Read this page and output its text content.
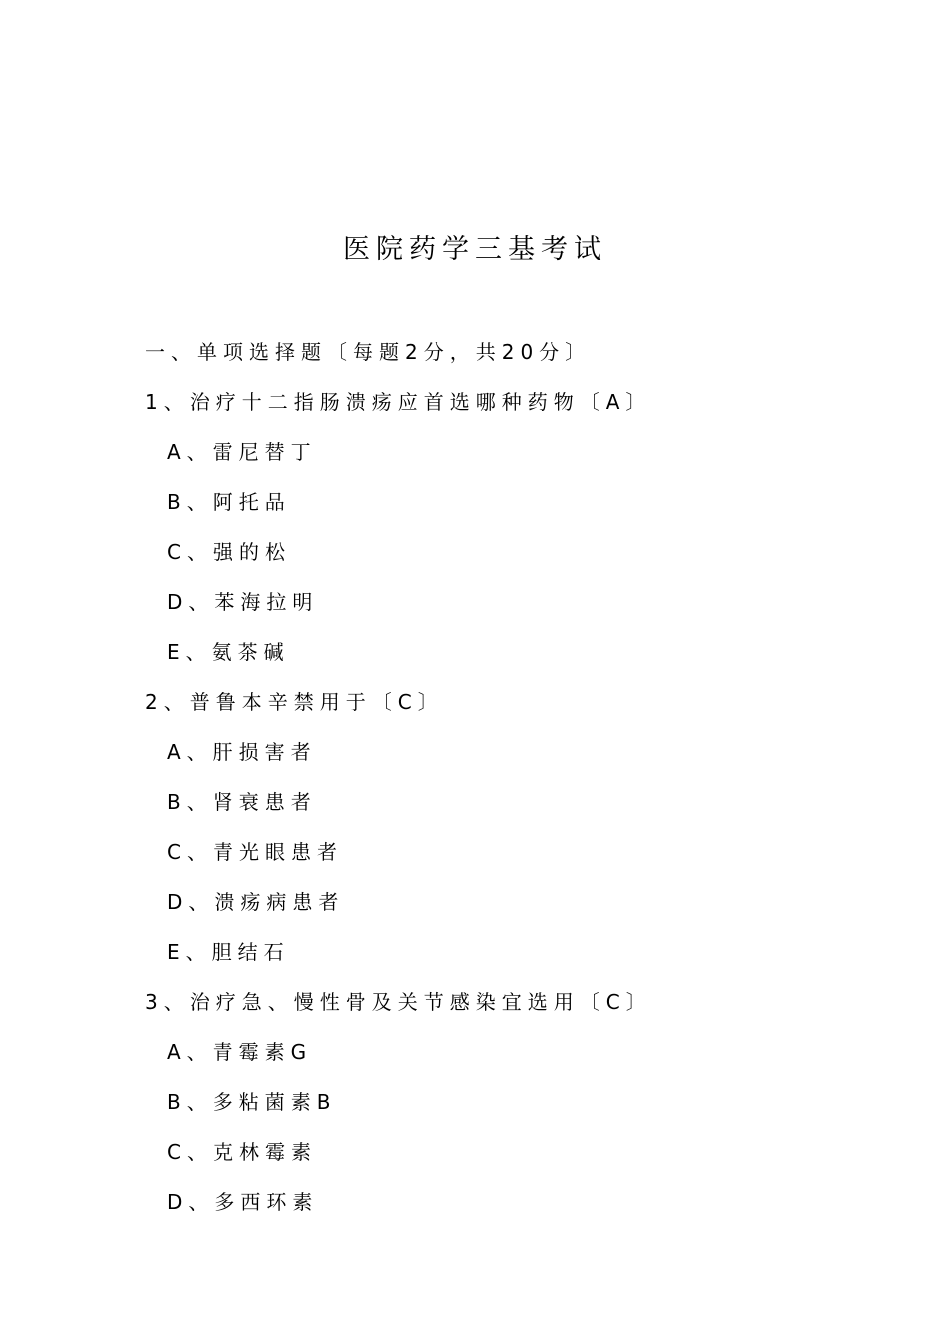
医院药学三基考试
一、单项选择题〔每题2分，共20分〕
1、治疗十二指肠溃疡应首选哪种药物〔A〕
A、雷尼替丁
B、阿托品
C、强的松
D、苯海拉明
E、氨茶碱
2、普鲁本辛禁用于〔C〕
A、肝损害者
B、肾衰患者
C、青光眼患者
D、溃疡病患者
E、胆结石
3、治疗急、慢性骨及关节感染宜选用〔C〕
A、青霉素G
B、多粘菌素B
C、克林霉素
D、多西环素
